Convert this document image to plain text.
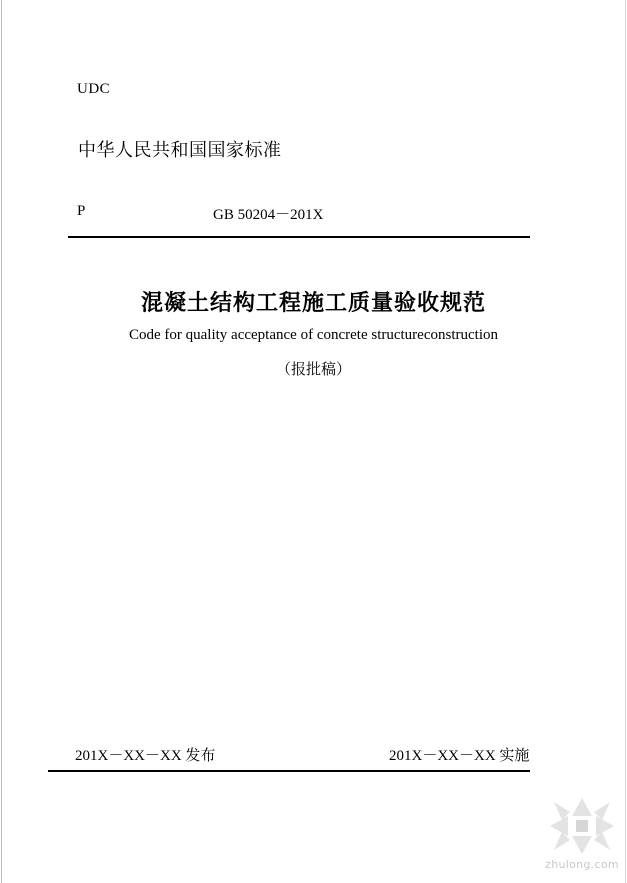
UDC
中华人民共和国国家标准
P	GB 50204－201X
混凝土结构工程施工质量验收规范
Code for quality acceptance of concrete structureconstruction
（报批稿）
201X－XX－XX 发布	201X－XX－XX 实施
zhulong.com
